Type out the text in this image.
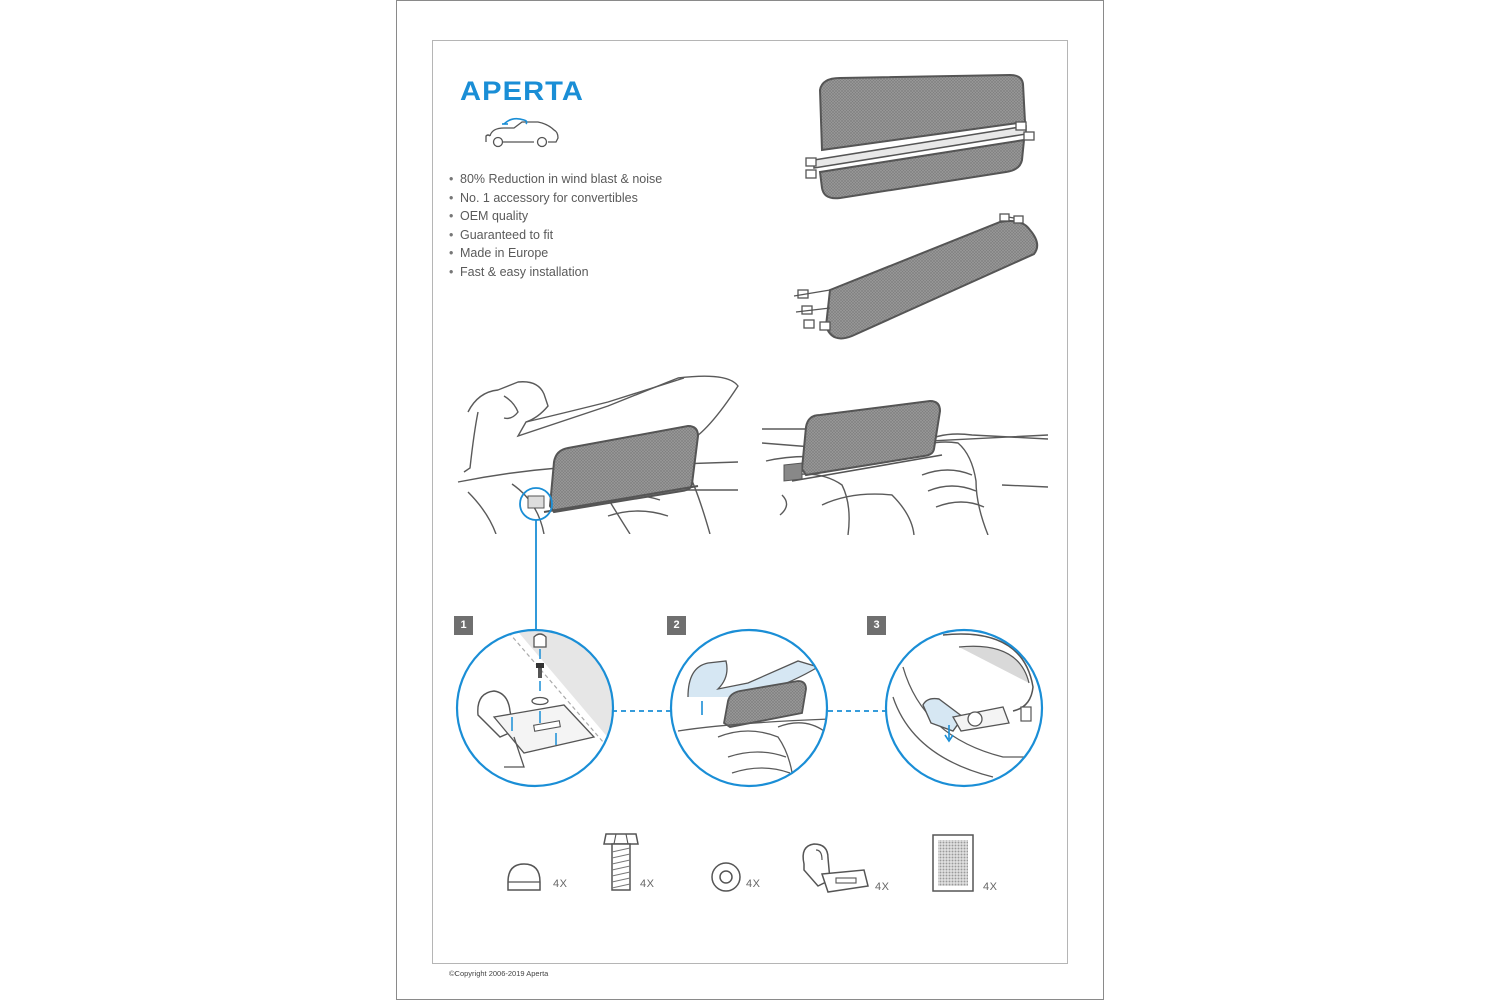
APERTA
• 80% Reduction in wind blast & noise
• No. 1 accessory for convertibles
• OEM quality
• Guaranteed to fit
• Made in Europe
• Fast & easy installation
1	2	3
4X	4X	4X	4X	4X
©Copyright 2006-2019 Aperta
